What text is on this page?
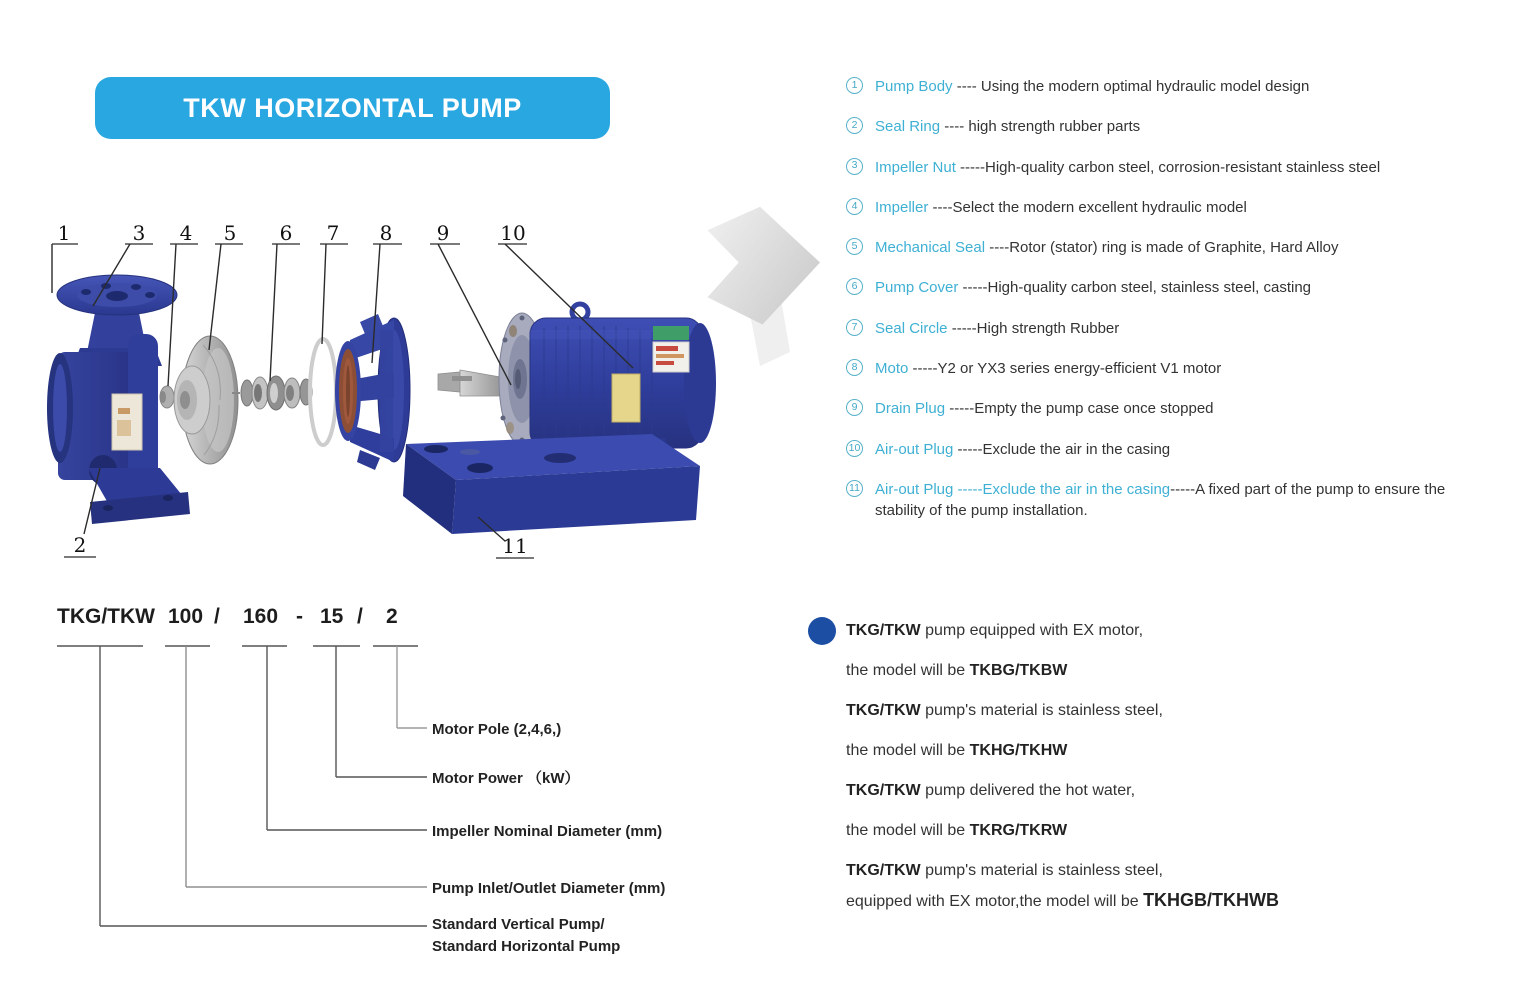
TKW HORIZONTAL PUMP
1	3 4 5 6 7 8 9	10
2	11
1	Pump Body ---- Using the modern optimal hydraulic model design
2	Seal Ring ---- high strength rubber parts
3	Impeller Nut -----High-quality carbon steel, corrosion-resistant stainless steel
4	Impeller ----Select the modern excellent hydraulic model
5	Mechanical Seal ----Rotor (stator) ring is made of Graphite, Hard Alloy
6	Pump Cover -----High-quality carbon steel, stainless steel, casting
7	Seal Circle -----High strength Rubber
8	Moto -----Y2 or YX3 series energy-efficient V1 motor
9	Drain Plug -----Empty the pump case once stopped
10 Air-out Plug -----Exclude the air in the casing
11 Air-out Plug -----Exclude the air in the casing-----A fixed part of the pump to ensure the stability of the pump installation.
TKG/TKW 100 / 160 - 15 / 2
Motor Pole (2,4,6,)
Motor Power （kW）
Impeller Nominal Diameter (mm)
Pump Inlet/Outlet Diameter (mm)
Standard Vertical Pump/
Standard Horizontal Pump
TKG/TKW pump equipped with EX motor,
the model will be TKBG/TKBW
TKG/TKW pump's material is stainless steel,
the model will be TKHG/TKHW
TKG/TKW pump delivered the hot water,
the model will be TKRG/TKRW
TKG/TKW pump's material is stainless steel,
equipped with EX motor,the model will be TKHGB/TKHWB
